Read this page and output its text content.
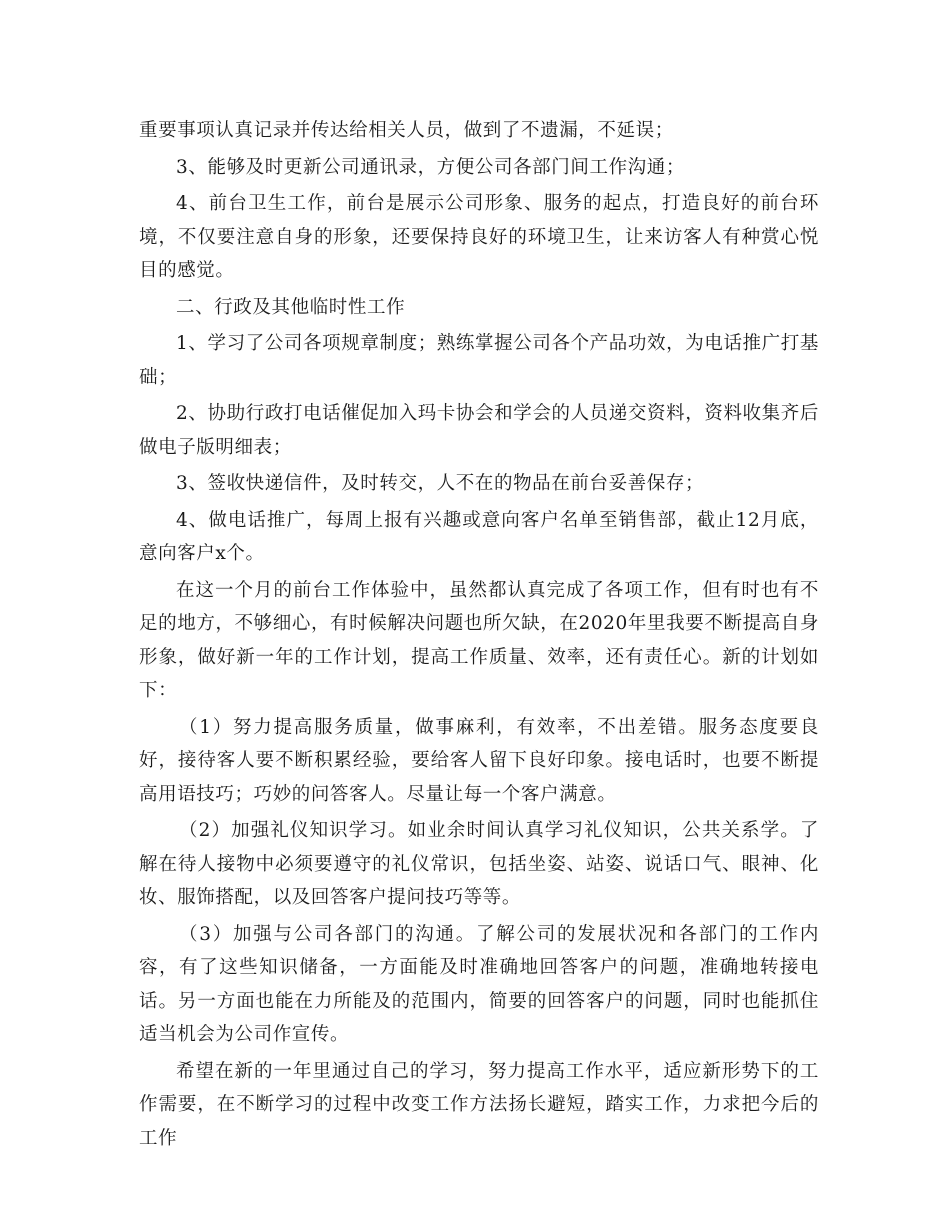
重要事项认真记录并传达给相关人员，做到了不遗漏，不延误；

3、能够及时更新公司通讯录，方便公司各部门间工作沟通；

4、前台卫生工作，前台是展示公司形象、服务的起点，打造良好的前台环境，不仅要注意自身的形象，还要保持良好的环境卫生，让来访客人有种赏心悦目的感觉。

二、行政及其他临时性工作

1、学习了公司各项规章制度；熟练掌握公司各个产品功效，为电话推广打基础；

2、协助行政打电话催促加入玛卡协会和学会的人员递交资料，资料收集齐后做电子版明细表；

3、签收快递信件，及时转交，人不在的物品在前台妥善保存；

4、做电话推广，每周上报有兴趣或意向客户名单至销售部，截止12月底，意向客户x个。

在这一个月的前台工作体验中，虽然都认真完成了各项工作，但有时也有不足的地方，不够细心，有时候解决问题也所欠缺，在2020年里我要不断提高自身形象，做好新一年的工作计划，提高工作质量、效率，还有责任心。新的计划如下：

（1）努力提高服务质量，做事麻利，有效率，不出差错。服务态度要良好，接待客人要不断积累经验，要给客人留下良好印象。接电话时，也要不断提高用语技巧；巧妙的问答客人。尽量让每一个客户满意。

（2）加强礼仪知识学习。如业余时间认真学习礼仪知识，公共关系学。了解在待人接物中必须要遵守的礼仪常识，包括坐姿、站姿、说话口气、眼神、化妆、服饰搭配，以及回答客户提问技巧等等。

（3）加强与公司各部门的沟通。了解公司的发展状况和各部门的工作内容，有了这些知识储备，一方面能及时准确地回答客户的问题，准确地转接电话。另一方面也能在力所能及的范围内，简要的回答客户的问题，同时也能抓住适当机会为公司作宣传。

希望在新的一年里通过自己的学习，努力提高工作水平，适应新形势下的工作需要，在不断学习的过程中改变工作方法扬长避短，踏实工作，力求把今后的工作
